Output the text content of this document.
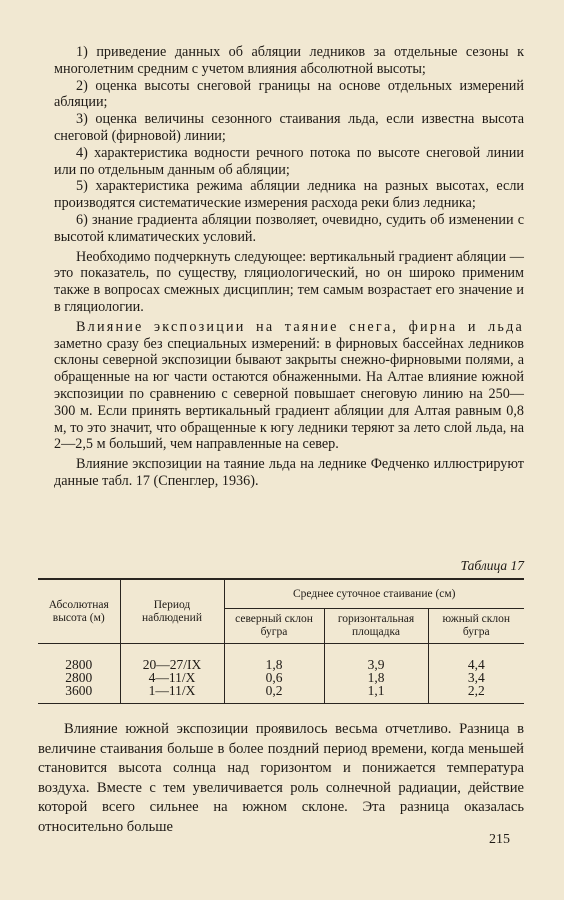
1) приведение данных об абляции ледников за отдельные сезоны к многолетним средним с учетом влияния абсолютной высоты;

2) оценка высоты снеговой границы на основе отдельных измерений абляции;

3) оценка величины сезонного стаивания льда, если известна высота снеговой (фирновой) линии;

4) характеристика водности речного потока по высоте снеговой линии или по отдельным данным об абляции;

5) характеристика режима абляции ледника на разных высотах, если производятся систематические измерения расхода реки близ ледника;

6) знание градиента абляции позволяет, очевидно, судить об изменении с высотой климатических условий.

Необходимо подчеркнуть следующее: вертикальный градиент абляции — это показатель, по существу, гляциологический, но он широко применим также в вопросах смежных дисциплин; тем самым возрастает его значение и в гляциологии.

Влияние экспозиции на таяние снега, фирна и льда заметно сразу без специальных измерений: в фирновых бассейнах ледников склоны северной экспозиции бывают закрыты снежно-фирновыми полями, а обращенные на юг части остаются обнаженными. На Алтае влияние южной экспозиции по сравнению с северной повышает снеговую линию на 250—300 м. Если принять вертикальный градиент абляции для Алтая равным 0,8 м, то это значит, что обращенные к югу ледники теряют за лето слой льда, на 2—2,5 м больший, чем направленные на север.

Влияние экспозиции на таяние льда на леднике Федченко иллюстрируют данные табл. 17 (Спенглер, 1936).

Таблица 17
Абсолютная высота (м)	Период наблюдений	Среднее суточное стаивание (см)		
		северный склон бугра	горизонтальная площадка	южный склон бугра
2800	20—27/IX	1,8	3,9	4,4
2800	4—11/X	0,6	1,8	3,4
3600	1—11/X	0,2	1,1	2,2

Влияние южной экспозиции проявилось весьма отчетливо. Разница в величине стаивания больше в более поздний период времени, когда меньшей становится высота солнца над горизонтом и понижается температура воздуха. Вместе с тем увеличивается роль солнечной радиации, действие которой всего сильнее на южном склоне. Эта разница оказалась относительно больше

215
